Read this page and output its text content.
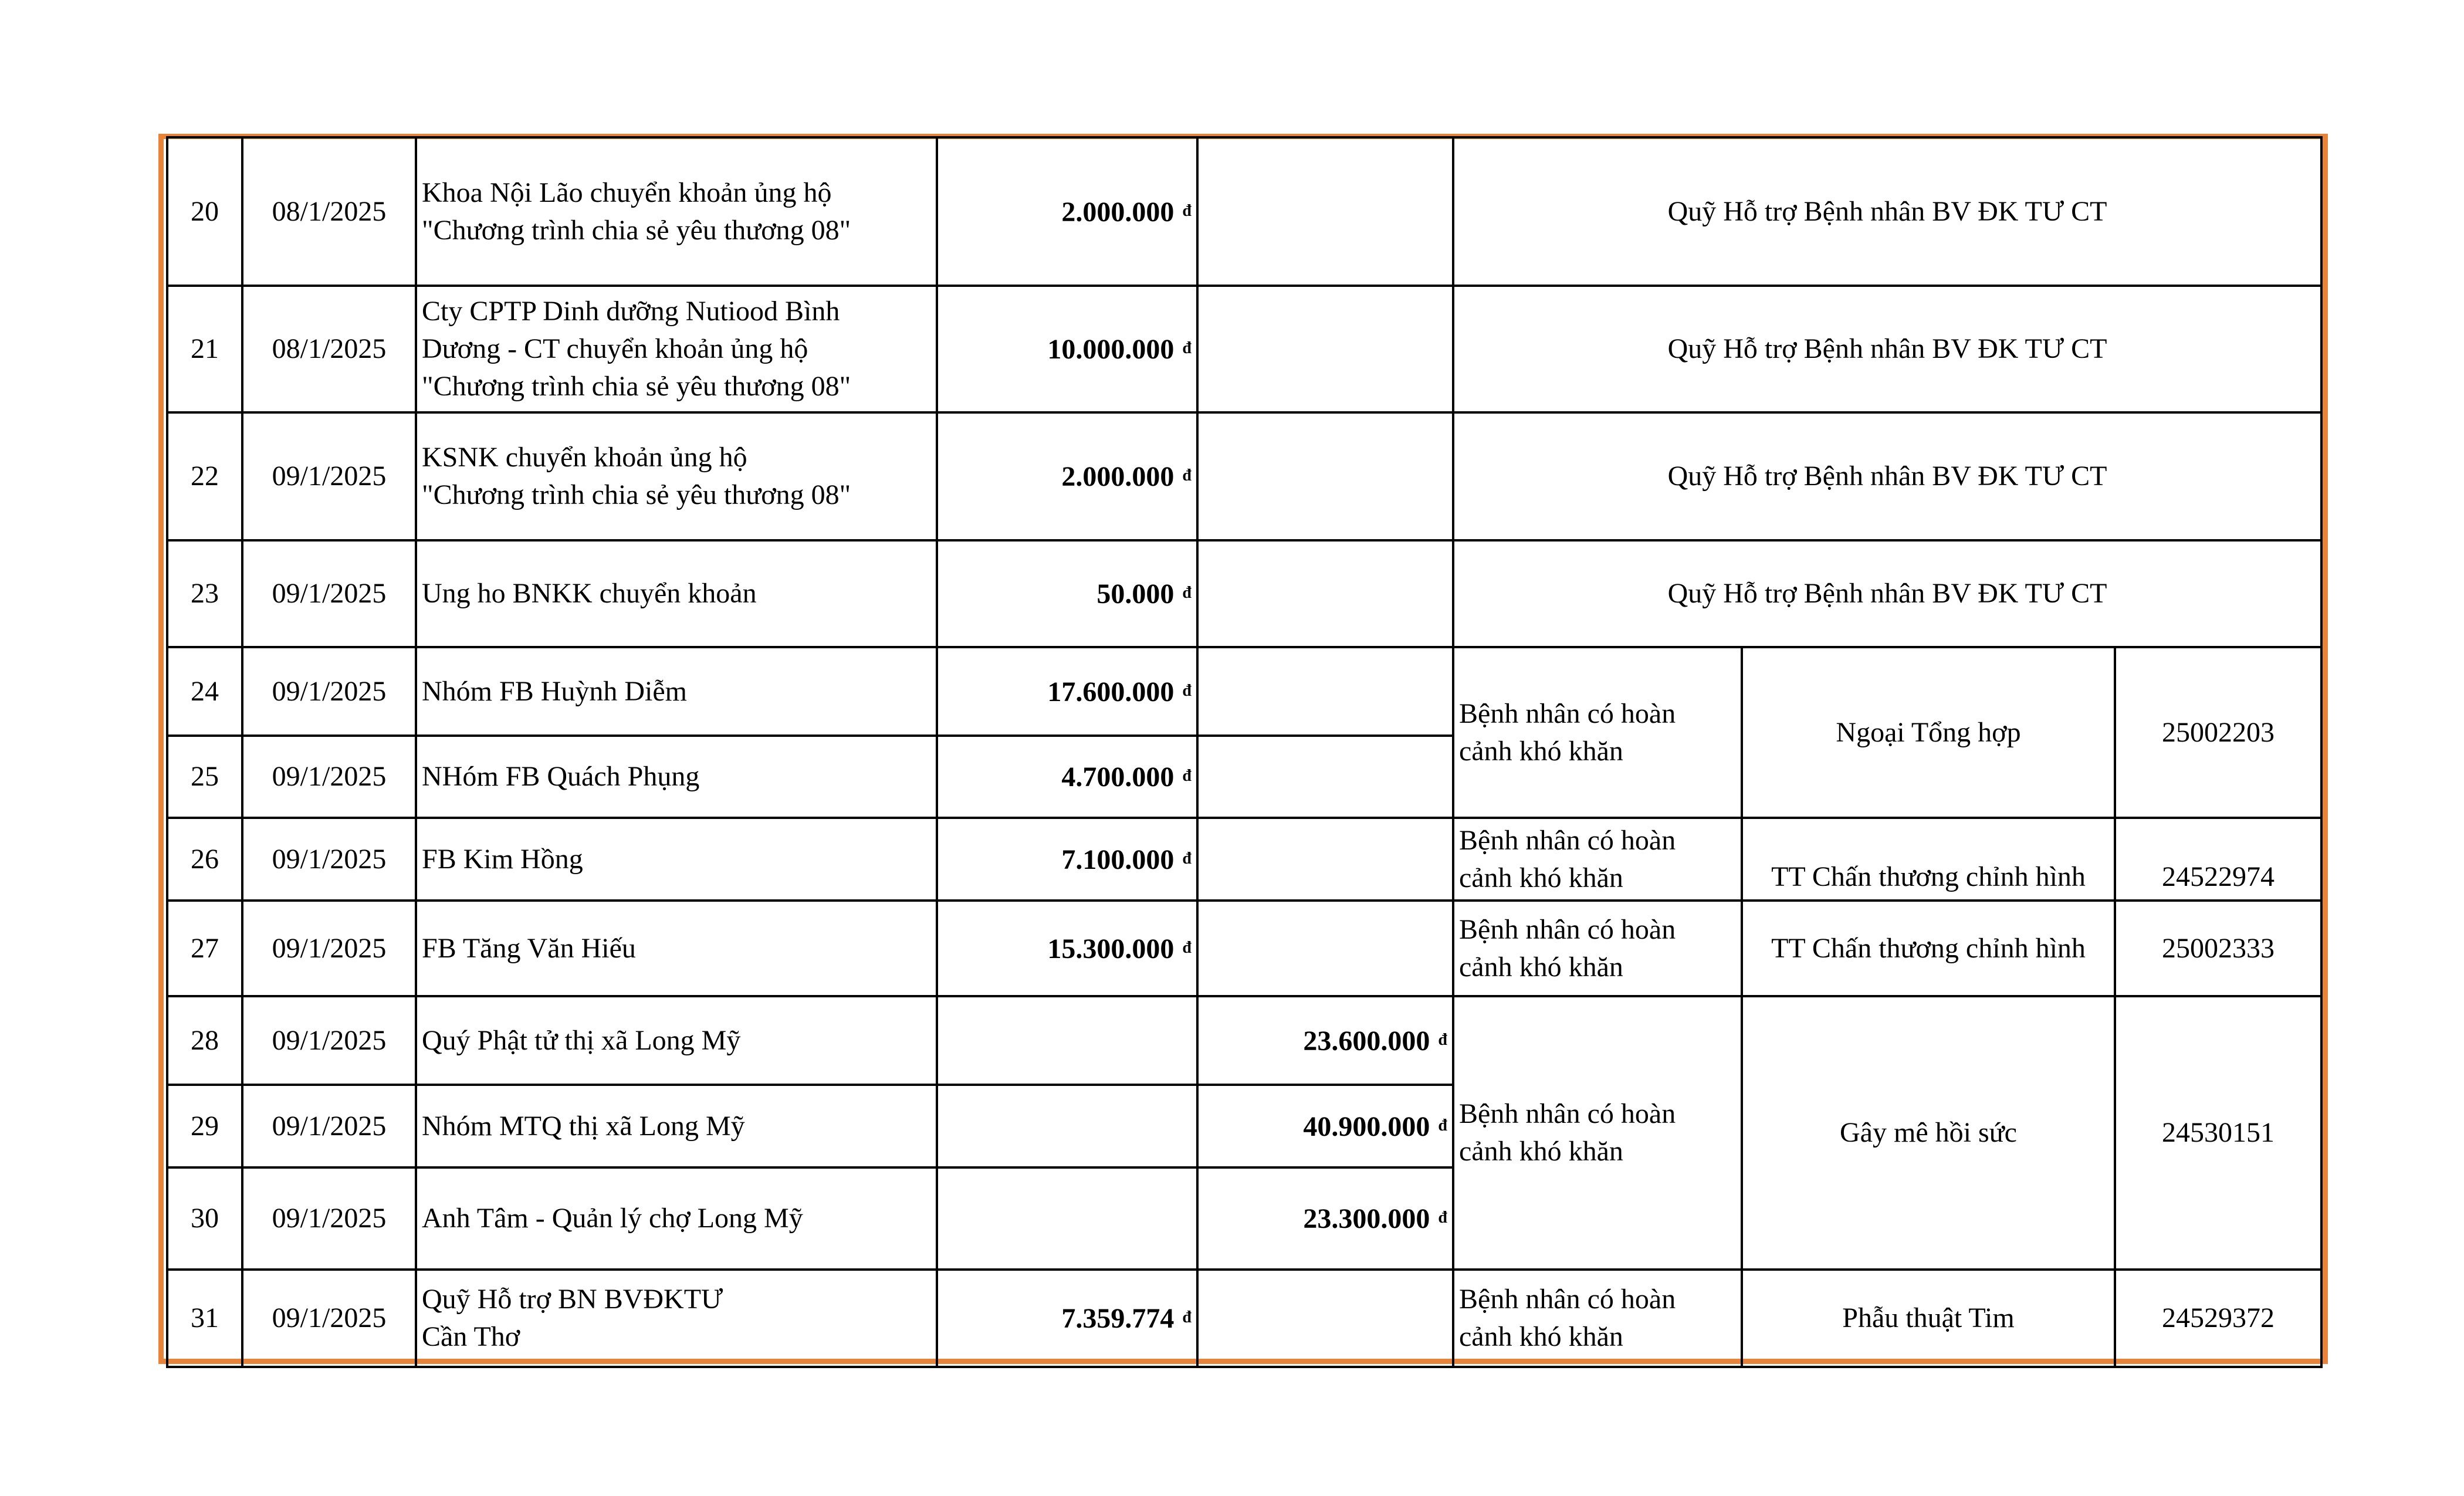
20	08/1/2025	Khoa Nội Lão chuyển khoản ủng hộ
"Chương trình chia sẻ yêu thương 08"	2.000.000 đ		Quỹ Hỗ trợ Bệnh nhân BV ĐK TƯ CT		
21	08/1/2025	Cty CPTP Dinh dưỡng Nutiood Bình
Dương - CT chuyển khoản ủng hộ
"Chương trình chia sẻ yêu thương 08"	10.000.000 đ		Quỹ Hỗ trợ Bệnh nhân BV ĐK TƯ CT		
22	09/1/2025	KSNK chuyển khoản ủng hộ
"Chương trình chia sẻ yêu thương 08"	2.000.000 đ		Quỹ Hỗ trợ Bệnh nhân BV ĐK TƯ CT		
23	09/1/2025	Ung ho BNKK chuyển khoản	50.000 đ		Quỹ Hỗ trợ Bệnh nhân BV ĐK TƯ CT		
24	09/1/2025	Nhóm FB Huỳnh Diễm	17.600.000 đ		Bệnh nhân có hoàn
cảnh khó khăn	Ngoại Tổng hợp	25002203
25	09/1/2025	NHóm FB Quách Phụng	4.700.000 đ				
26	09/1/2025	FB Kim Hồng	7.100.000 đ		Bệnh nhân có hoàn
cảnh khó khăn	TT Chấn thương chỉnh hình	24522974
27	09/1/2025	FB Tăng Văn Hiếu	15.300.000 đ		Bệnh nhân có hoàn
cảnh khó khăn	TT Chấn thương chỉnh hình	25002333
28	09/1/2025	Quý Phật tử thị xã Long Mỹ		23.600.000 đ	Bệnh nhân có hoàn
cảnh khó khăn	Gây mê hồi sức	24530151
29	09/1/2025	Nhóm MTQ thị xã Long Mỹ		40.900.000 đ			
30	09/1/2025	Anh Tâm - Quản lý chợ Long Mỹ		23.300.000 đ			
31	09/1/2025	Quỹ Hỗ trợ BN BVĐKTƯ
Cần Thơ	7.359.774 đ		Bệnh nhân có hoàn
cảnh khó khăn	Phẫu thuật Tim	24529372
